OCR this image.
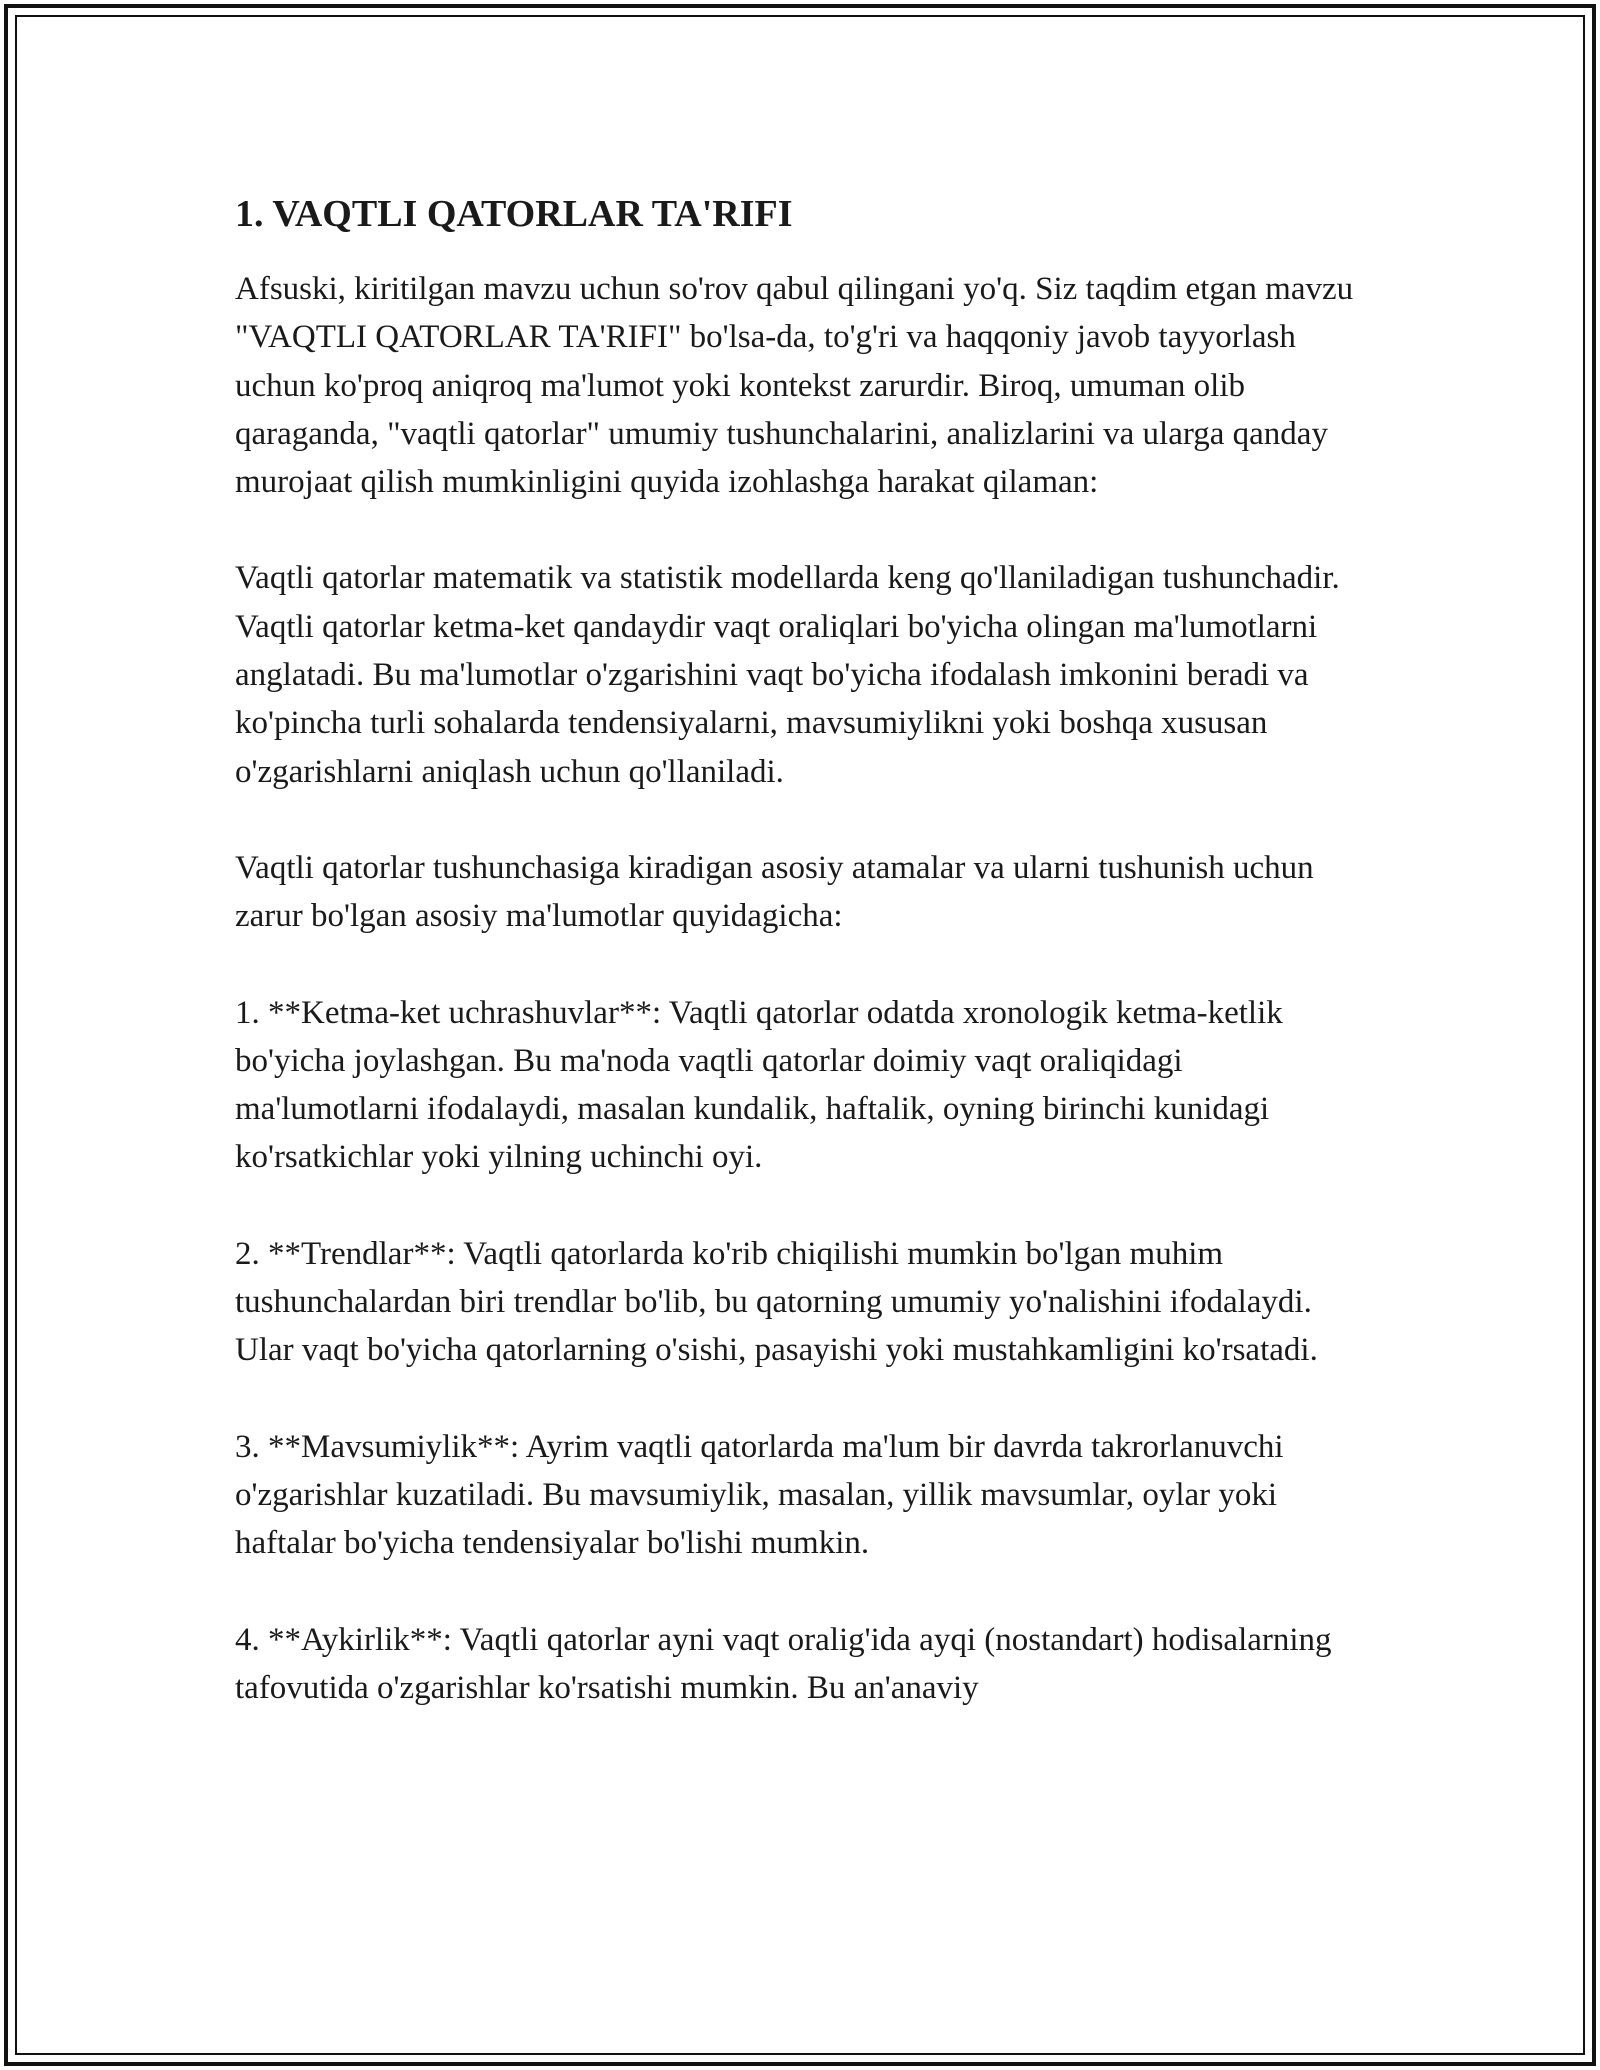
1. VAQTLI QATORLAR TA'RIFI

Afsuski, kiritilgan mavzu uchun so'rov qabul qilingani yo'q. Siz taqdim etgan mavzu "VAQTLI QATORLAR TA'RIFI" bo'lsa-da, to'g'ri va haqqoniy javob tayyorlash uchun ko'proq aniqroq ma'lumot yoki kontekst zarurdir. Biroq, umuman olib qaraganda, "vaqtli qatorlar" umumiy tushunchalarini, analizlarini va ularga qanday murojaat qilish mumkinligini quyida izohlashga harakat qilaman:

Vaqtli qatorlar matematik va statistik modellarda keng qo'llaniladigan tushunchadir. Vaqtli qatorlar ketma-ket qandaydir vaqt oraliqlari bo'yicha olingan ma'lumotlarni anglatadi. Bu ma'lumotlar o'zgarishini vaqt bo'yicha ifodalash imkonini beradi va ko'pincha turli sohalarda tendensiyalarni, mavsumiylikni yoki boshqa xususan o'zgarishlarni aniqlash uchun qo'llaniladi.

Vaqtli qatorlar tushunchasiga kiradigan asosiy atamalar va ularni tushunish uchun zarur bo'lgan asosiy ma'lumotlar quyidagicha:

1. **Ketma-ket uchrashuvlar**: Vaqtli qatorlar odatda xronologik ketma-ketlik bo'yicha joylashgan. Bu ma'noda vaqtli qatorlar doimiy vaqt oraliqidagi ma'lumotlarni ifodalaydi, masalan kundalik, haftalik, oyning birinchi kunidagi ko'rsatkichlar yoki yilning uchinchi oyi.

2. **Trendlar**: Vaqtli qatorlarda ko'rib chiqilishi mumkin bo'lgan muhim tushunchalardan biri trendlar bo'lib, bu qatorning umumiy yo'nalishini ifodalaydi. Ular vaqt bo'yicha qatorlarning o'sishi, pasayishi yoki mustahkamligini ko'rsatadi.

3. **Mavsumiylik**: Ayrim vaqtli qatorlarda ma'lum bir davrda takrorlanuvchi o'zgarishlar kuzatiladi. Bu mavsumiylik, masalan, yillik mavsumlar, oylar yoki haftalar bo'yicha tendensiyalar bo'lishi mumkin.

4. **Aykirlik**: Vaqtli qatorlar ayni vaqt oralig'ida ayqi (nostandart) hodisalarning tafovutida o'zgarishlar ko'rsatishi mumkin. Bu an'anaviy
